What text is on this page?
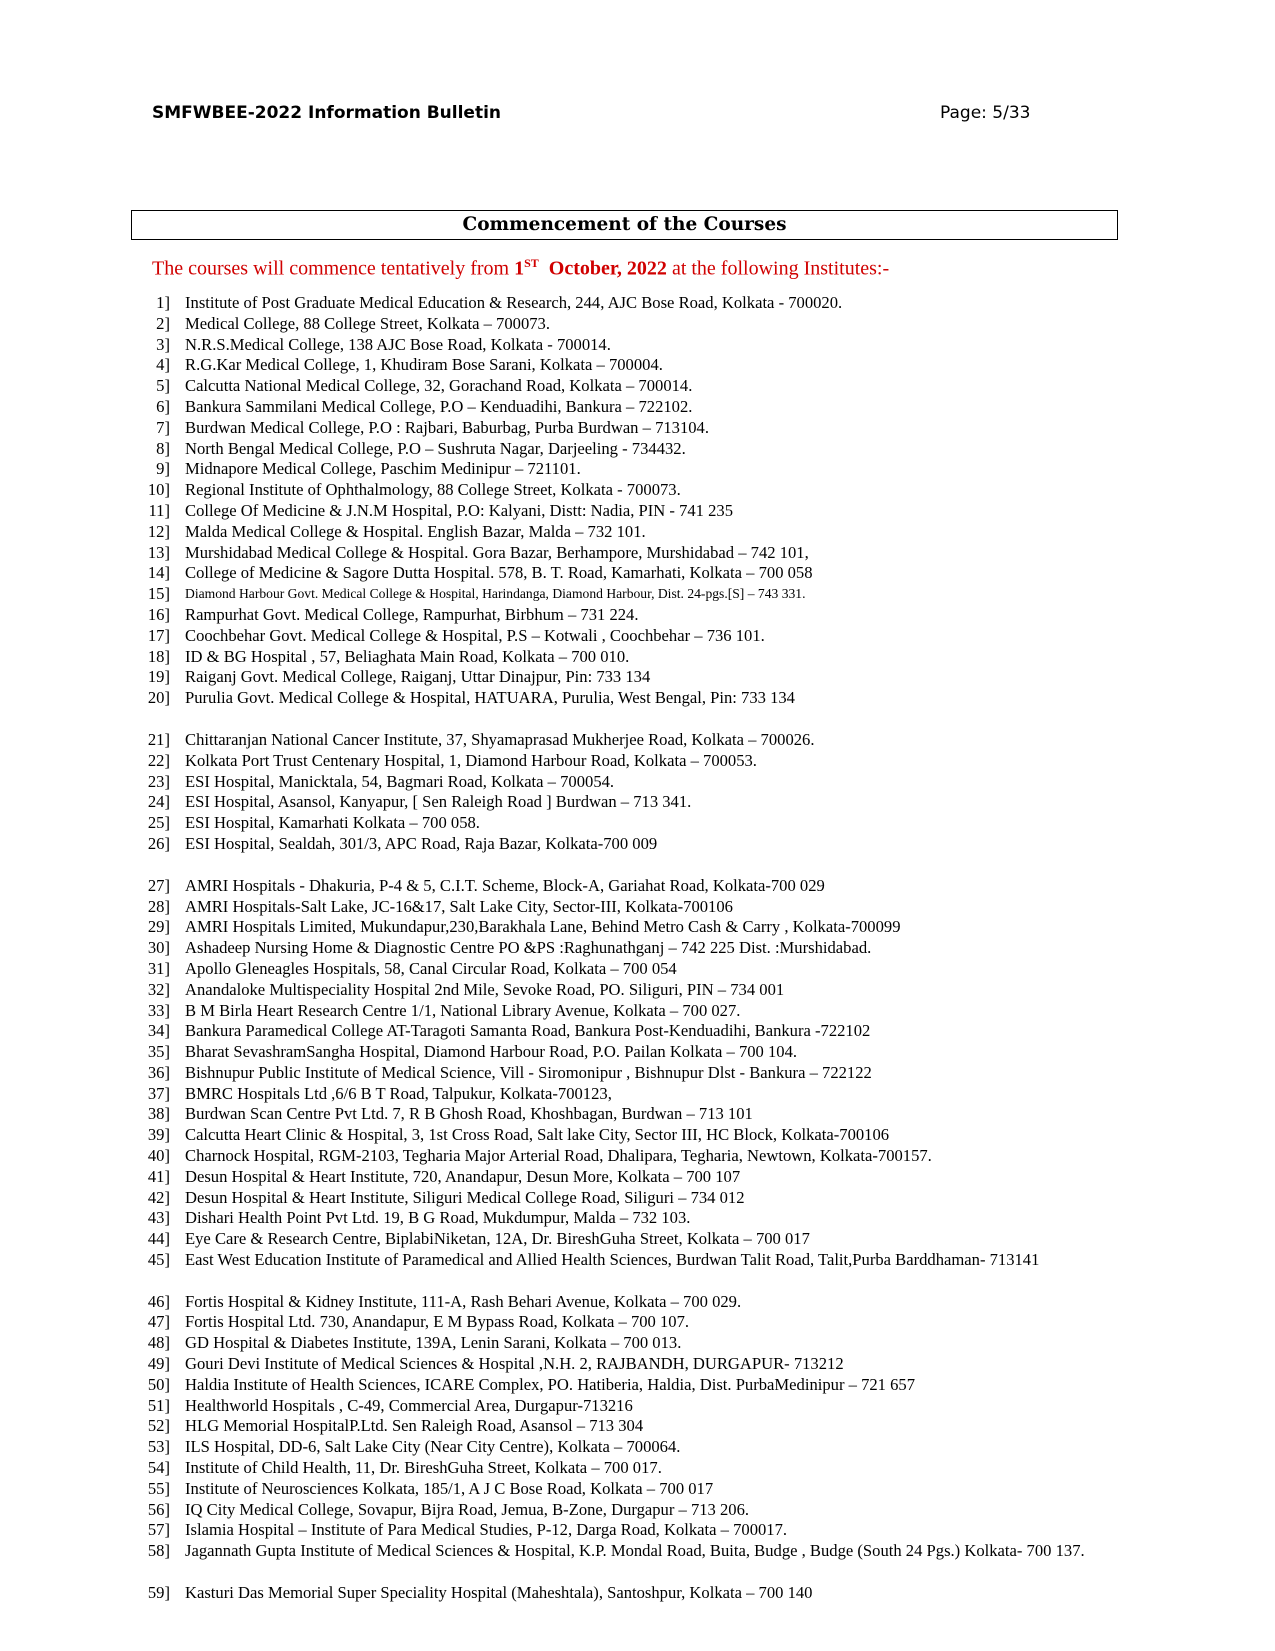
SMFWBEE-2022 Information Bulletin	Page: 5/33
Commencement of the Courses
The courses will commence tentatively from 1ST October, 2022 at the following Institutes:-
1] Institute of Post Graduate Medical Education & Research, 244, AJC Bose Road, Kolkata - 700020.
2] Medical College, 88 College Street, Kolkata – 700073.
3] N.R.S.Medical College, 138 AJC Bose Road, Kolkata - 700014.
4] R.G.Kar Medical College, 1, Khudiram Bose Sarani, Kolkata – 700004.
5] Calcutta National Medical College, 32, Gorachand Road, Kolkata – 700014.
6] Bankura Sammilani Medical College, P.O – Kenduadihi, Bankura – 722102.
7] Burdwan Medical College, P.O : Rajbari, Baburbag, Purba Burdwan – 713104.
8] North Bengal Medical College, P.O – Sushruta Nagar, Darjeeling - 734432.
9] Midnapore Medical College, Paschim Medinipur – 721101.
10] Regional Institute of Ophthalmology, 88 College Street, Kolkata - 700073.
11] College Of Medicine & J.N.M Hospital, P.O: Kalyani, Distt: Nadia, PIN - 741 235
12] Malda Medical College & Hospital. English Bazar, Malda – 732 101.
13] Murshidabad Medical College & Hospital. Gora Bazar, Berhampore, Murshidabad – 742 101,
14] College of Medicine & Sagore Dutta Hospital. 578, B. T. Road, Kamarhati, Kolkata – 700 058
15] Diamond Harbour Govt. Medical College & Hospital, Harindanga, Diamond Harbour, Dist. 24-pgs.[S] – 743 331.
16] Rampurhat Govt. Medical College, Rampurhat, Birbhum – 731 224.
17] Coochbehar Govt. Medical College & Hospital, P.S – Kotwali , Coochbehar – 736 101.
18] ID & BG Hospital , 57, Beliaghata Main Road, Kolkata – 700 010.
19] Raiganj Govt. Medical College, Raiganj, Uttar Dinajpur, Pin: 733 134
20] Purulia Govt. Medical College & Hospital, HATUARA, Purulia, West Bengal, Pin: 733 134
21] Chittaranjan National Cancer Institute, 37, Shyamaprasad Mukherjee Road, Kolkata – 700026.
22] Kolkata Port Trust Centenary Hospital, 1, Diamond Harbour Road, Kolkata – 700053.
23] ESI Hospital, Manicktala, 54, Bagmari Road, Kolkata – 700054.
24] ESI Hospital, Asansol, Kanyapur, [ Sen Raleigh Road ] Burdwan – 713 341.
25] ESI Hospital, Kamarhati Kolkata – 700 058.
26] ESI Hospital, Sealdah, 301/3, APC Road, Raja Bazar, Kolkata-700 009
27] AMRI Hospitals - Dhakuria, P-4 & 5, C.I.T. Scheme, Block-A, Gariahat Road, Kolkata-700 029
28] AMRI Hospitals-Salt Lake, JC-16&17, Salt Lake City, Sector-III, Kolkata-700106
29] AMRI Hospitals Limited, Mukundapur,230,Barakhala Lane, Behind Metro Cash & Carry , Kolkata-700099
30] Ashadeep Nursing Home & Diagnostic Centre PO &PS :Raghunathganj – 742 225 Dist. :Murshidabad.
31] Apollo Gleneagles Hospitals, 58, Canal Circular Road, Kolkata – 700 054
32] Anandaloke Multispeciality Hospital 2nd Mile, Sevoke Road, PO. Siliguri, PIN – 734 001
33] B M Birla Heart Research Centre 1/1, National Library Avenue, Kolkata – 700 027.
34] Bankura Paramedical College AT-Taragoti Samanta Road, Bankura Post-Kenduadihi, Bankura -722102
35] Bharat SevashramSangha Hospital, Diamond Harbour Road, P.O. Pailan Kolkata – 700 104.
36] Bishnupur Public Institute of Medical Science, Vill - Siromonipur , Bishnupur Dlst - Bankura – 722122
37] BMRC Hospitals Ltd ,6/6 B T Road, Talpukur, Kolkata-700123,
38] Burdwan Scan Centre Pvt Ltd. 7, R B Ghosh Road, Khoshbagan, Burdwan – 713 101
39] Calcutta Heart Clinic & Hospital, 3, 1st Cross Road, Salt lake City, Sector III, HC Block, Kolkata-700106
40] Charnock Hospital, RGM-2103, Tegharia Major Arterial Road, Dhalipara, Tegharia, Newtown, Kolkata-700157.
41] Desun Hospital & Heart Institute, 720, Anandapur, Desun More, Kolkata – 700 107
42] Desun Hospital & Heart Institute, Siliguri Medical College Road, Siliguri – 734 012
43] Dishari Health Point Pvt Ltd. 19, B G Road, Mukdumpur, Malda – 732 103.
44] Eye Care & Research Centre, BiplabiNiketan, 12A, Dr. BireshGuha Street, Kolkata – 700 017
45] East West Education Institute of Paramedical and Allied Health Sciences, Burdwan Talit Road, Talit,Purba Barddhaman- 713141
46] Fortis Hospital & Kidney Institute, 111-A, Rash Behari Avenue, Kolkata – 700 029.
47] Fortis Hospital Ltd. 730, Anandapur, E M Bypass Road, Kolkata – 700 107.
48] GD Hospital & Diabetes Institute, 139A, Lenin Sarani, Kolkata – 700 013.
49] Gouri Devi Institute of Medical Sciences & Hospital ,N.H. 2, RAJBANDH, DURGAPUR- 713212
50] Haldia Institute of Health Sciences, ICARE Complex, PO. Hatiberia, Haldia, Dist. PurbaMedinipur – 721 657
51] Healthworld Hospitals , C-49, Commercial Area, Durgapur-713216
52] HLG Memorial HospitalP.Ltd. Sen Raleigh Road, Asansol – 713 304
53] ILS Hospital, DD-6, Salt Lake City (Near City Centre), Kolkata – 700064.
54] Institute of Child Health, 11, Dr. BireshGuha Street, Kolkata – 700 017.
55] Institute of Neurosciences Kolkata, 185/1, A J C Bose Road, Kolkata – 700 017
56] IQ City Medical College, Sovapur, Bijra Road, Jemua, B-Zone, Durgapur – 713 206.
57] Islamia Hospital – Institute of Para Medical Studies, P-12, Darga Road, Kolkata – 700017.
58] Jagannath Gupta Institute of Medical Sciences & Hospital, K.P. Mondal Road, Buita, Budge , Budge (South 24 Pgs.) Kolkata- 700 137.
59] Kasturi Das Memorial Super Speciality Hospital (Maheshtala), Santoshpur, Kolkata – 700 140
